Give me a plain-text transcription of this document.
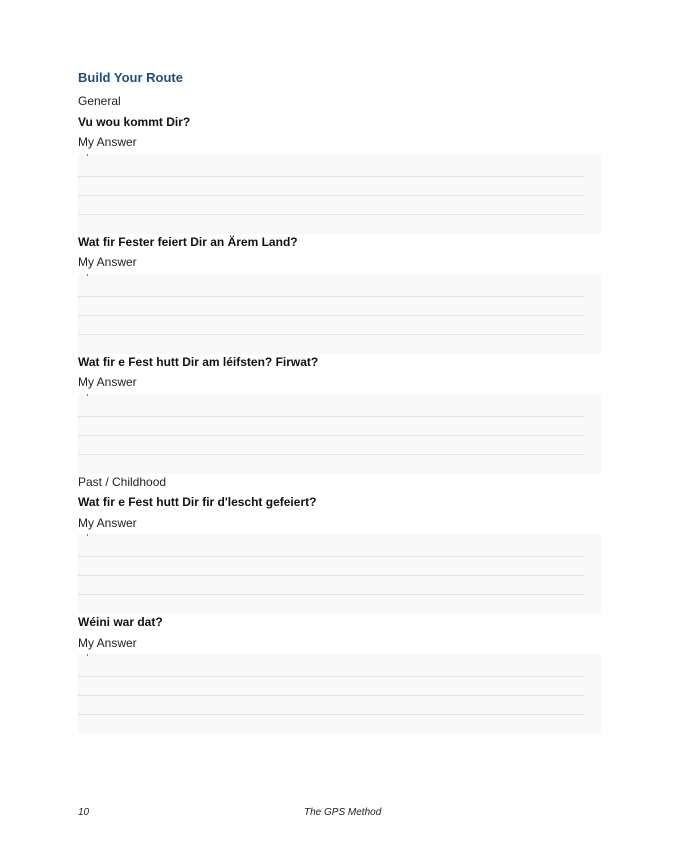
Build Your Route
General
Vu wou kommt Dir?
My Answer
Wat fir Fester feiert Dir an Ärem Land?
My Answer
Wat fir e Fest hutt Dir am léifsten? Firwat?
My Answer
Past / Childhood
Wat fir e Fest hutt Dir fir d'lescht gefeiert?
My Answer
Wéini war dat?
My Answer
10	The GPS Method
